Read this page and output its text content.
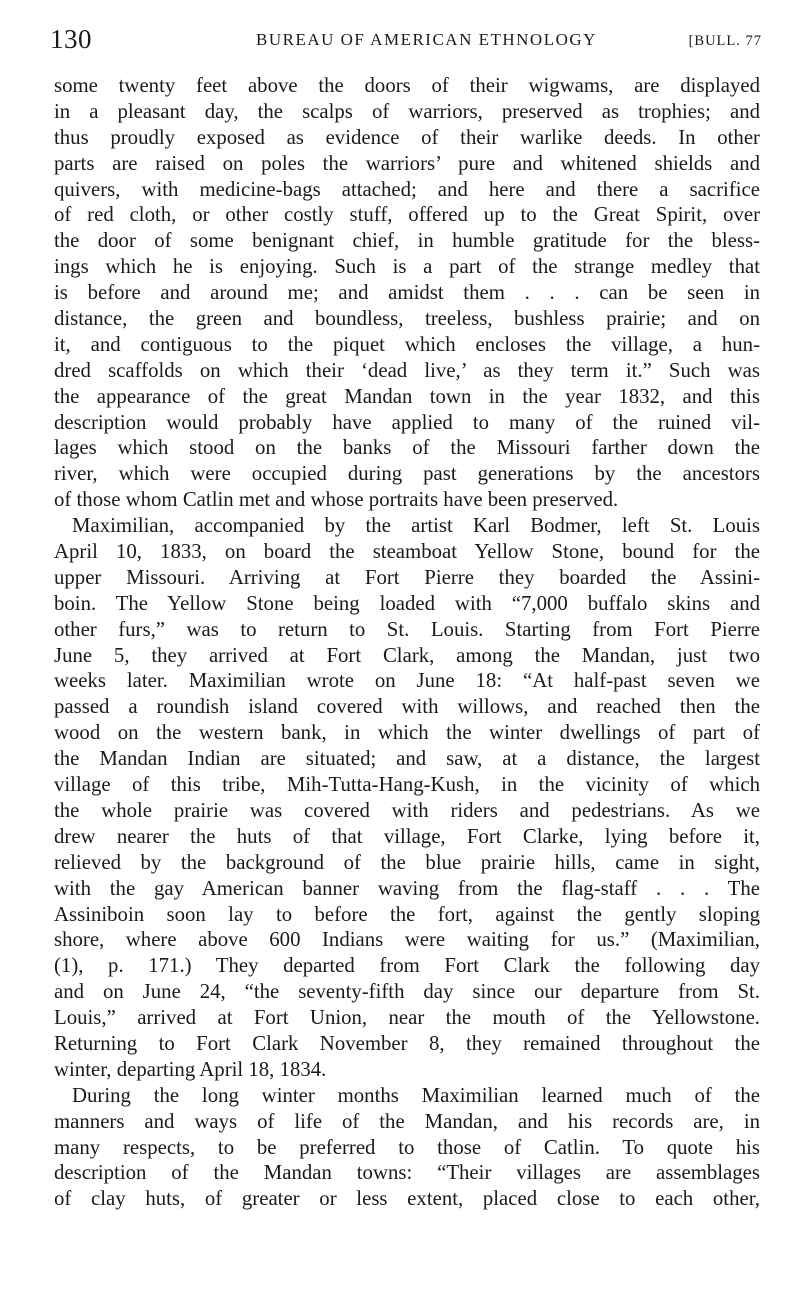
130	BUREAU OF AMERICAN ETHNOLOGY	[BULL. 77
some twenty feet above the doors of their wigwams, are displayed
in a pleasant day, the scalps of warriors, preserved as trophies; and
thus proudly exposed as evidence of their warlike deeds. In other
parts are raised on poles the warriors’ pure and whitened shields and
quivers, with medicine-bags attached; and here and there a sacrifice
of red cloth, or other costly stuff, offered up to the Great Spirit, over
the door of some benignant chief, in humble gratitude for the bless-
ings which he is enjoying. Such is a part of the strange medley that
is before and around me; and amidst them . . . can be seen in
distance, the green and boundless, treeless, bushless prairie; and on
it, and contiguous to the piquet which encloses the village, a hun-
dred scaffolds on which their ‘dead live,’ as they term it.” Such was
the appearance of the great Mandan town in the year 1832, and this
description would probably have applied to many of the ruined vil-
lages which stood on the banks of the Missouri farther down the
river, which were occupied during past generations by the ancestors
of those whom Catlin met and whose portraits have been preserved.
Maximilian, accompanied by the artist Karl Bodmer, left St. Louis
April 10, 1833, on board the steamboat Yellow Stone, bound for the
upper Missouri. Arriving at Fort Pierre they boarded the Assini-
boin. The Yellow Stone being loaded with “7,000 buffalo skins and
other furs,” was to return to St. Louis. Starting from Fort Pierre
June 5, they arrived at Fort Clark, among the Mandan, just two
weeks later. Maximilian wrote on June 18: “At half-past seven we
passed a roundish island covered with willows, and reached then the
wood on the western bank, in which the winter dwellings of part of
the Mandan Indian are situated; and saw, at a distance, the largest
village of this tribe, Mih-Tutta-Hang-Kush, in the vicinity of which
the whole prairie was covered with riders and pedestrians. As we
drew nearer the huts of that village, Fort Clarke, lying before it,
relieved by the background of the blue prairie hills, came in sight,
with the gay American banner waving from the flag-staff . . . The
Assiniboin soon lay to before the fort, against the gently sloping
shore, where above 600 Indians were waiting for us.” (Maximilian,
(1), p. 171.) They departed from Fort Clark the following day
and on June 24, “the seventy-fifth day since our departure from St.
Louis,” arrived at Fort Union, near the mouth of the Yellowstone.
Returning to Fort Clark November 8, they remained throughout the
winter, departing April 18, 1834.
During the long winter months Maximilian learned much of the
manners and ways of life of the Mandan, and his records are, in
many respects, to be preferred to those of Catlin. To quote his
description of the Mandan towns: “Their villages are assemblages
of clay huts, of greater or less extent, placed close to each other,
